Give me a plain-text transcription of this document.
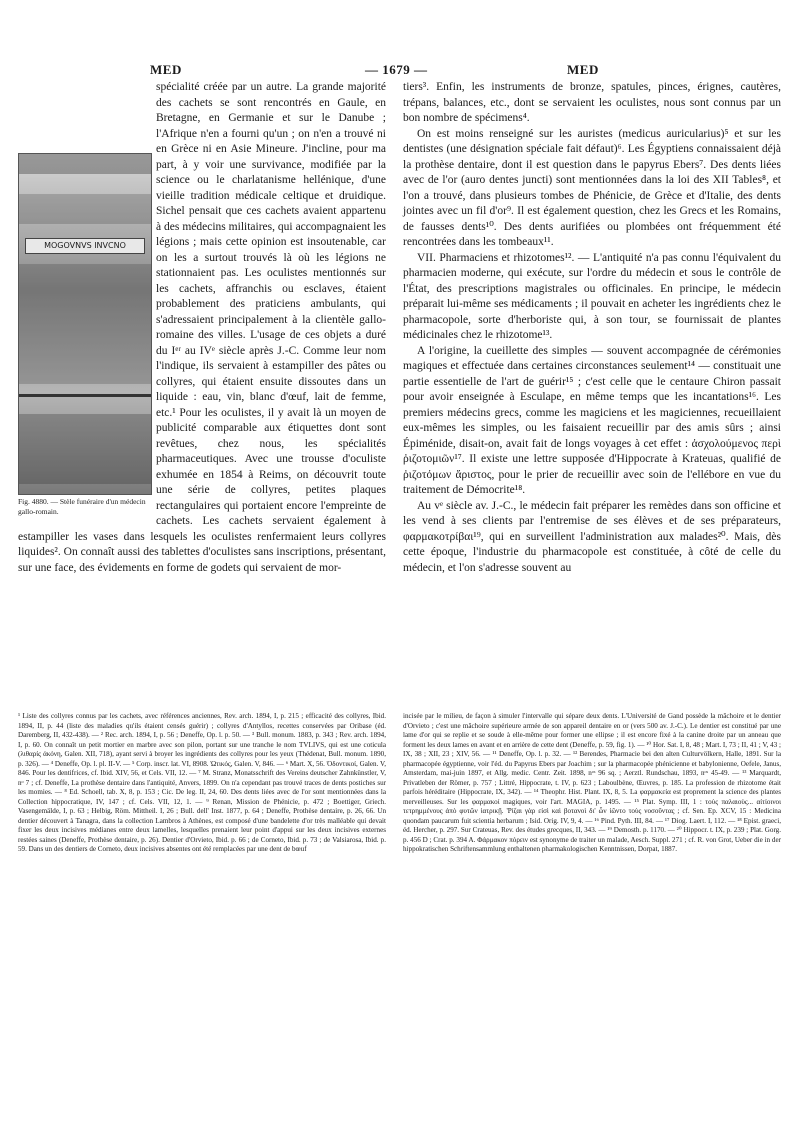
MED	— 1679 —	MED
MOGOVNVS INVCNO
Fig. 4880. — Stèle funéraire d'un médecin gallo-romain.

spécialité créée par un autre. La grande majorité des cachets se sont rencontrés en Gaule, en Bretagne, en Germanie et sur le Danube ; l'Afrique n'en a fourni qu'un ; on n'en a trouvé ni en Grèce ni en Asie Mineure. J'incline, pour ma part, à y voir une survivance, modifiée par la science ou le charlatanisme hellénique, d'une vieille tradition médicale celtique et druidique. Sichel pensait que ces cachets avaient appartenu à des médecins militaires, qui accompagnaient les légions ; mais cette opinion est insoutenable, car on les a surtout trouvés là où les légions ne stationnaient pas. Les oculistes mentionnés sur les cachets, affranchis ou esclaves, étaient probablement des praticiens ambulants, qui s'adressaient principalement à la clientèle gallo-romaine des villes. L'usage de ces objets a duré du Iᵉʳ au IVᵉ siècle après J.-C. Comme leur nom l'indique, ils servaient à estampiller des pâtes ou collyres, qui étaient ensuite dissoutes dans un liquide : eau, vin, blanc d'œuf, lait de femme, etc.¹ Pour les oculistes, il y avait là un moyen de publicité comparable aux étiquettes dont sont revêtues, chez nous, les spécialités pharmaceutiques. Avec une trousse d'oculiste exhumée en 1854 à Reims, on découvrit toute une série de collyres, petites plaques rectangulaires qui portaient encore l'empreinte de cachets. Les cachets servaient également à estampiller les vases dans lesquels les oculistes renfermaient leurs collyres liquides². On connaît aussi des tablettes d'oculistes sans inscriptions, présentant, sur une face, des évidements en forme de godets qui servaient de mor-

tiers³. Enfin, les instruments de bronze, spatules, pinces, érignes, cautères, trépans, balances, etc., dont se servaient les oculistes, nous sont connus par un bon nombre de spécimens⁴.

On est moins renseigné sur les auristes (medicus auricularius)⁵ et sur les dentistes (une désignation spéciale fait défaut)⁶. Les Égyptiens connaissaient déjà la prothèse dentaire, dont il est question dans le papyrus Ebers⁷. Des dents liées avec de l'or (auro dentes juncti) sont mentionnées dans la loi des XII Tables⁸, et l'on a trouvé, dans plusieurs tombes de Phénicie, de Grèce et d'Italie, des dents jointes avec un fil d'or⁹. Il est également question, chez les Grecs et les Romains, de fausses dents¹⁰. Des dents aurifiées ou plombées ont fréquemment été rencontrées dans les tombeaux¹¹.

VII. Pharmaciens et rhizotomes¹². — L'antiquité n'a pas connu l'équivalent du pharmacien moderne, qui exécute, sur l'ordre du médecin et sous le contrôle de l'État, des prescriptions magistrales ou officinales. En principe, le médecin préparait lui-même ses médicaments ; il pouvait en acheter les ingrédients chez le pharmacopole, sorte d'herboriste qui, à son tour, se fournissait de plantes médicinales chez le rhizotome¹³.

A l'origine, la cueillette des simples — souvent accompagnée de cérémonies magiques et effectuée dans certaines circonstances seulement¹⁴ — constituait une partie essentielle de l'art de guérir¹⁵ ; c'est celle que le centaure Chiron passait pour avoir enseignée à Esculape, en même temps que les incantations¹⁶. Les premiers médecins grecs, comme les magiciens et les magiciennes, recueillaient eux-mêmes les simples, ou les faisaient recueillir par des amis sûrs ; ainsi Épiménide, disait-on, avait fait de longs voyages à cet effet : ἀσχολούμενος περὶ ῥιζοτομιῶν¹⁷. Il existe une lettre supposée d'Hippocrate à Krateuas, qualifié de ῥιζοτόμων ἄριστος, pour le prier de recueillir avec soin de l'ellébore en vue du traitement de Démocrite¹⁸.

Au vᵉ siècle av. J.-C., le médecin fait préparer les remèdes dans son officine et les vend à ses clients par l'entremise de ses élèves et de ses préparateurs, φαρμακοτρίβαι¹⁹, qui en surveillent l'administration aux malades²⁰. Mais, dès cette époque, l'industrie du pharmacopole est constituée, à côté de celle du médecin, et l'on s'adresse souvent au

¹ Liste des collyres connus par les cachets, avec références anciennes, Rev. arch. 1894, I, p. 215 ; efficacité des collyres, Ibid. 1894, II, p. 44 (liste des maladies qu'ils étaient censés guérir) ; collyres d'Antyllos, recettes conservées par Oribase (éd. Daremberg, II, 432-438). — ² Rec. arch. 1894, I, p. 56 ; Deneffe, Op. l. p. 50. — ³ Bull. monum. 1883, p. 343 ; Rev. arch. 1894, I, p. 60. On connaît un petit mortier en marbre avec son pilon, portant sur une tranche le nom TVLIVS, qui est une coticula (λιθαρίς ἀκόνη, Galen. XII, 718), ayant servi à broyer les ingrédients des collyres pour les yeux (Thédenat, Bull. monum. 1890, p. 326). — ⁴ Deneffe, Op. l. pl. II-V. — ⁵ Corp. inscr. lat. VI, 8908. Ὠτικός, Galen. V, 846. — ⁶ Mart. X, 56. Ὀδοντικοί, Galen. V, 846. Pour les dentifrices, cf. Ibid. XIV, 56, et Cels. VII, 12. — ⁷ M. Stranz, Monatsschrift des Vereins deutscher Zahnkünstler, V, nᵒ 7 ; cf. Deneffe, La prothèse dentaire dans l'antiquité, Anvers, 1899. On n'a cependant pas trouvé traces de dents postiches sur les momies. — ⁸ Ed. Schoell, tab. X, 8, p. 153 ; Cic. De leg. II, 24, 60. Des dents liées avec de l'or sont mentionnées dans la Collection hippocratique, IV, 147 ; cf. Cels. VII, 12, 1. — ⁹ Renan, Mission de Phénicie, p. 472 ; Boettiger, Griech. Vasengemälde, I, p. 63 ; Helbig, Röm. Mittheil. I, 26 ; Bull. dell' Inst. 1877, p. 64 ; Deneffe, Prothèse dentaire, p. 26, 66. Un dentier découvert à Tanagra, dans la collection Lambros à Athènes, est composé d'une bandelette d'or très malléable qui devait fixer les deux incisives médianes entre deux lamelles, lesquelles prenaient leur point d'appui sur les deux incisives externes restées saines (Deneffe, Prothèse dentaire, p. 26). Dentier d'Orvieto, Ibid. p. 66 ; de Corneto, Ibid. p. 73 ; de Valsiarosa, Ibid. p. 59. Dans un des dentiers de Corneto, deux incisives absentes ont été remplacées par une dent de bœuf

incisée par le milieu, de façon à simuler l'intervalle qui sépare deux dents. L'Université de Gand possède la mâchoire et le dentier d'Orvieto ; c'est une mâchoire supérieure armée de son appareil dentaire en or (vers 500 av. J.-C.). Le dentier est constitué par une lame d'or qui se replie et se soude à elle-même pour former une ellipse ; il est encore fixé à la canine droite par un anneau que forment les deux lames en avant et en arrière de cette dent (Deneffe, p. 59, fig. 1). — ¹⁰ Hor. Sat. I, 8, 48 ; Mart. I, 73 ; II, 41 ; V, 43 ; IX, 38 ; XII, 23 ; XIV, 56. — ¹¹ Deneffe, Op. l. p. 32. — ¹² Berendes, Pharmacie bei den alten Culturvölkern, Halle, 1891. Sur la pharmacopée égyptienne, voir l'éd. du Papyrus Ebers par Joachim ; sur la pharmacopée phénicienne et babylonienne, Oefele, Janus, Amsterdam, mai-juin 1897, et Allg. medic. Centr. Zeit. 1898, nᵒˢ 96 sq. ; Aerztl. Rundschau, 1893, nᵒˢ 45-49. — ¹³ Marquardt, Privatleben der Römer, p. 757 ; Littré, Hippocrate, t. IV, p. 623 ; Laboulbène, Œuvres, p. 185. La profession de rhizotome était parfois héréditaire (Hippocrate, IX, 342). — ¹⁴ Theophr. Hist. Plant. IX, 8, 5. La φαρμακεία est proprement la science des plantes merveilleuses. Sur les φαρμακοί magiques, voir l'art. MAGIA, p. 1495. — ¹⁵ Plat. Symp. III, 1 : τοὺς παλαιοὺς... αἰτίοινοι τετρημμένους ἀπὸ φυτῶν ἰατρικῇ. 'Ρίζαι γὰρ εἰσὶ καὶ βοτανοὶ δι' ὧν ἰῶντο τοὺς νοσοῦντας ; cf. Sen. Ep. XCV, 15 : Medicina quondam paucarum fuit scientia herbarum ; Isid. Orig. IV, 9, 4. — ¹⁶ Pind. Pyth. III, 84. — ¹⁷ Diog. Laert. I, 112. — ¹⁸ Epist. graeci, éd. Hercher, p. 297. Sur Crateuas, Rev. des études grecques, II, 343. — ¹⁹ Demosth. p. 1170. — ²⁰ Hippocr. t. IX, p. 239 ; Plat. Gorg. p. 456 D ; Crat. p. 394 A. Φάρμακον πόρειν est synonyme de traiter un malade, Aesch. Suppl. 271 ; cf. R. von Grot, Ueber die in der hippokratischen Schriftensammlung enthaltenen pharmakologischen Kenntnissen, Dorpat, 1887.
